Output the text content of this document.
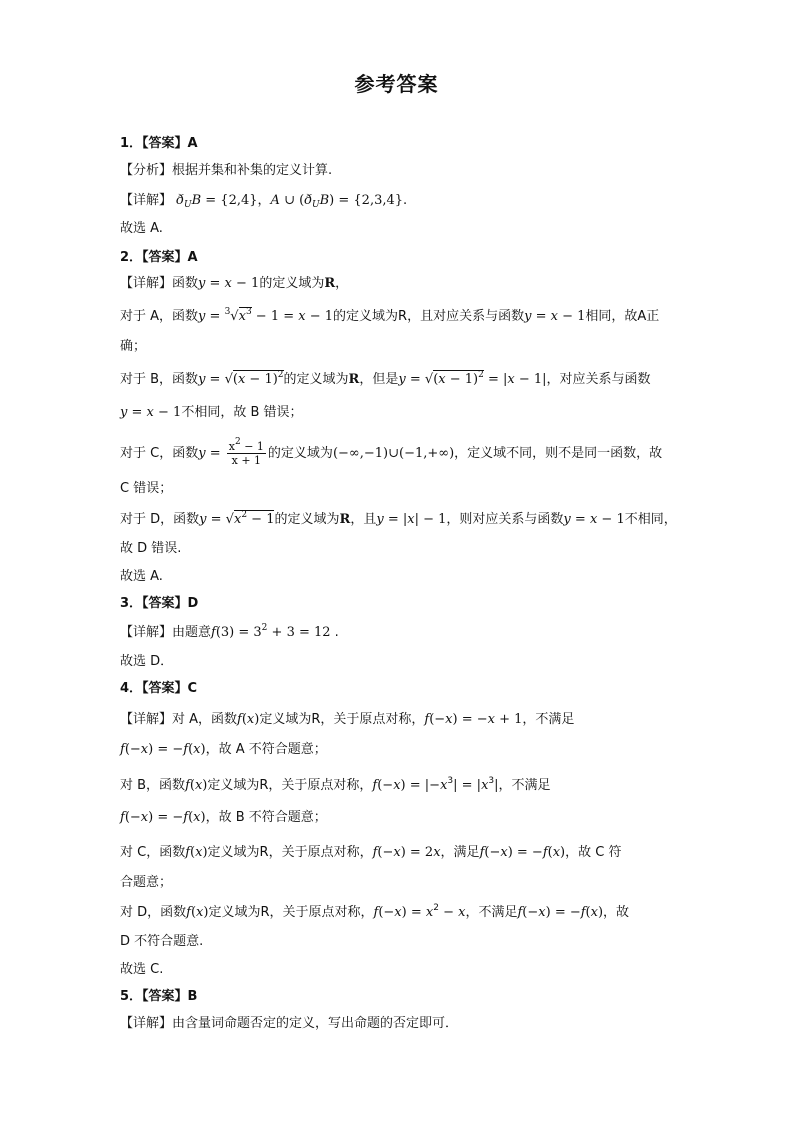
参考答案
1．【答案】A
【分析】根据并集和补集的定义计算.
【详解】 $ð_UB = \{2,4\}$，A ∪ $(ð_UB) = \{2,3,4\}$.
故选 A.
2．【答案】A
【详解】函数y = x − 1的定义域为R，
对于 A，函数$y = ^3√x^3 - 1 = x - 1$的定义域为R，且对应关系与函数y = x − 1相同，故A正
确；
对于 B，函数$y = √(x - 1)^2$的定义域为R，但是$y = √(x - 1)^2 = |x - 1|$，对应关系与函数
y = x − 1不相同，故 B 错误；
对于 C，函数$y = \frac{x^2 - 1}{x + 1}$ 的定义域为(−∞,−1)∪(−1,+∞)，定义域不同，则不是同一函数，故
C 错误；
对于 D，函数$y = √x^2 - 1$的定义域为R，且y = |x| − 1，则对应关系与函数y = x − 1不相同，
故 D 错误.
故选 A.
3．【答案】D
【详解】由题意$f(3) = 3^2 + 3 = 12$ .
故选 D．
4．【答案】C
【详解】对 A，函数f(x)定义域为R，关于原点对称，f(−x) = −x + 1，不满足
f(−x) = −f(x)，故 A 不符合题意；
对 B，函数f(x)定义域为R，关于原点对称，$f(-x) = |-x^3| = |x^3|$，不满足
f(−x) = −f(x)，故 B 不符合题意；
对 C，函数f(x)定义域为R，关于原点对称，f(−x) = 2x，满足f(−x) = −f(x)，故 C 符
合题意；
对 D，函数f(x)定义域为R，关于原点对称，$f(-x) = x^2 - x$，不满足f(−x) = −f(x)，故
D 不符合题意.
故选 C.
5．【答案】B
【详解】由含量词命题否定的定义，写出命题的否定即可．
